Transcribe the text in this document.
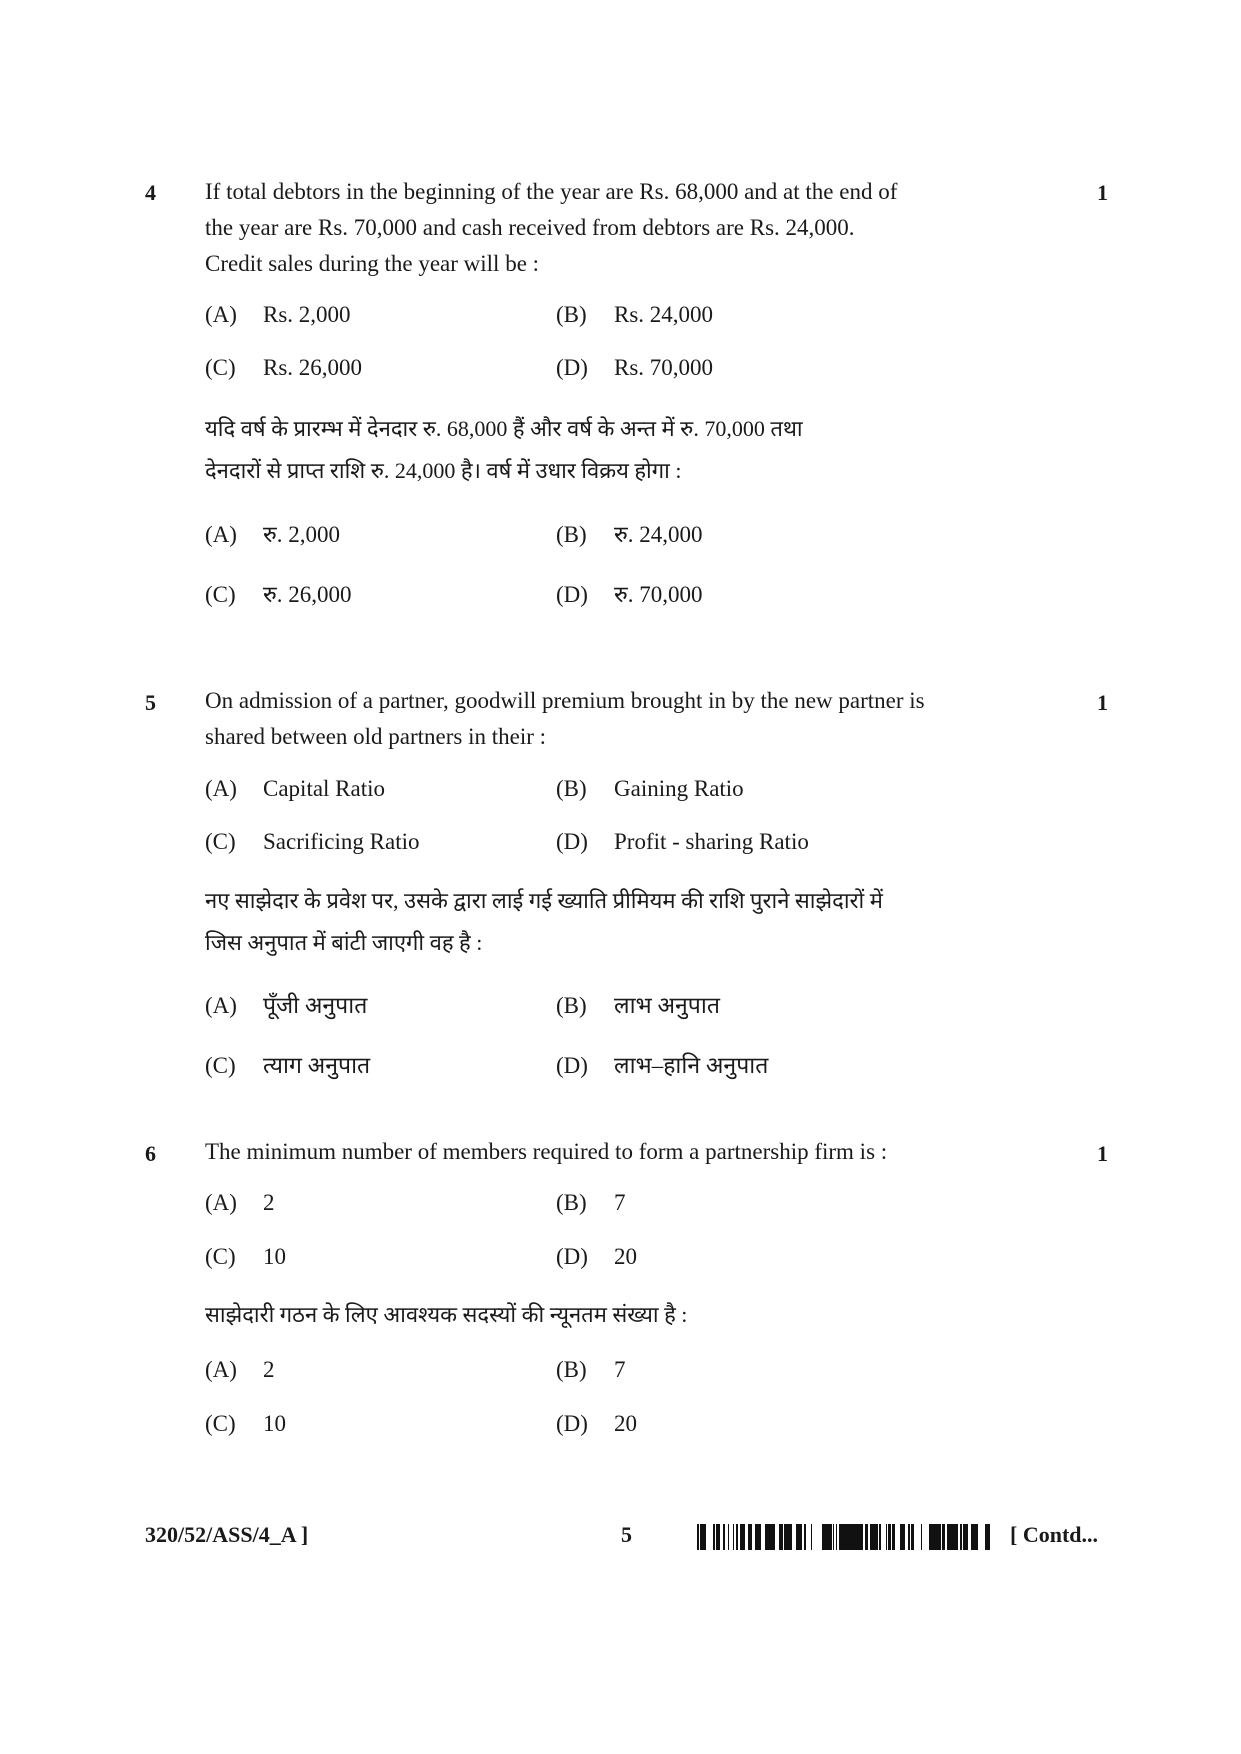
4	1
If total debtors in the beginning of the year are Rs. 68,000 and at the end of
the year are Rs. 70,000 and cash received from debtors are Rs. 24,000.
Credit sales during the year will be :
(A) Rs. 2,000	(B) Rs. 24,000
(C) Rs. 26,000	(D) Rs. 70,000
यदि वर्ष के प्रारम्भ में देनदार रु. 68,000 हैं और वर्ष के अन्त में रु. 70,000 तथा
देनदारों से प्राप्त राशि रु. 24,000 है। वर्ष में उधार विक्रय होगा :
(A) रु. 2,000	(B) रु. 24,000
(C) रु. 26,000	(D) रु. 70,000
5	1
On admission of a partner, goodwill premium brought in by the new partner is
shared between old partners in their :
(A) Capital Ratio	(B) Gaining Ratio
(C) Sacrificing Ratio	(D) Profit - sharing Ratio
नए साझेदार के प्रवेश पर, उसके द्वारा लाई गई ख्याति प्रीमियम की राशि पुराने साझेदारों में
जिस अनुपात में बांटी जाएगी वह है :
(A) पूँजी अनुपात	(B) लाभ अनुपात
(C) त्याग अनुपात	(D) लाभ–हानि अनुपात
6	1
The minimum number of members required to form a partnership firm is :
(A) 2	(B) 7
(C) 10	(D) 20
साझेदारी गठन के लिए आवश्यक सदस्यों की न्यूनतम संख्या है :
(A) 2	(B) 7
(C) 10	(D) 20
320/52/ASS/4_A ]	5	[ Contd...
